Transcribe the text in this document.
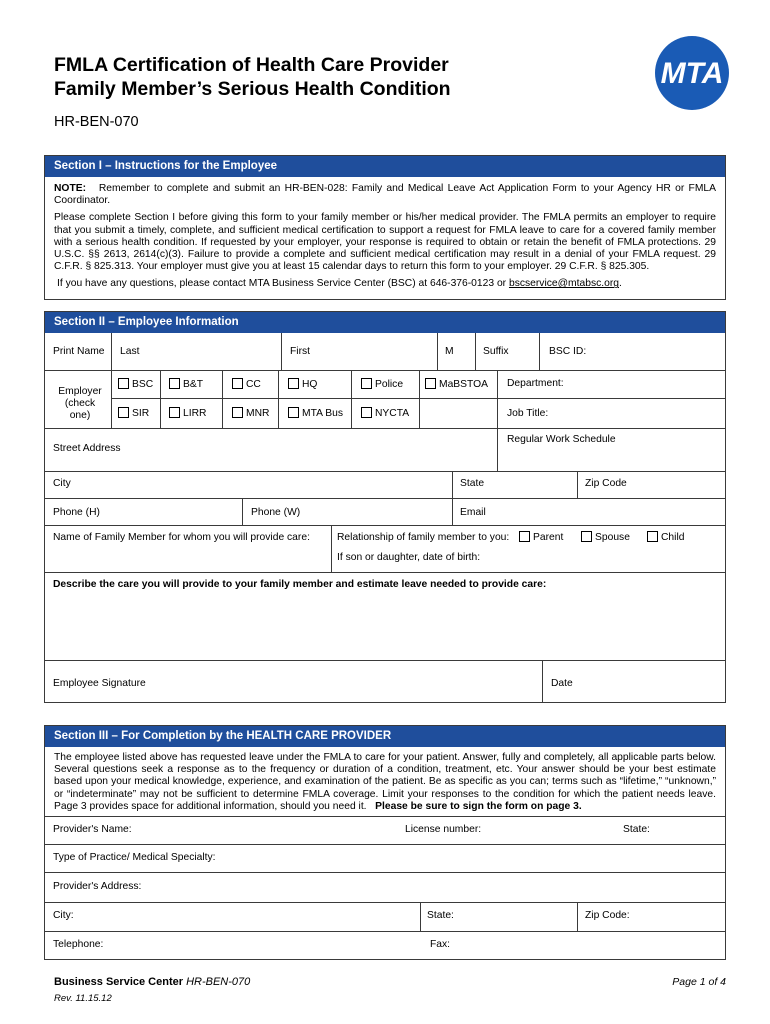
FMLA Certification of Health Care Provider
Family Member’s Serious Health Condition
HR-BEN-070
MTA
Section I – Instructions for the Employee

NOTE: Remember to complete and submit an HR-BEN-028: Family and Medical Leave Act Application Form to your Agency HR or FMLA Coordinator.

Please complete Section I before giving this form to your family member or his/her medical provider. The FMLA permits an employer to require that you submit a timely, complete, and sufficient medical certification to support a request for FMLA leave to care for a covered family member with a serious health condition. If requested by your employer, your response is required to obtain or retain the benefit of FMLA protections. 29 U.S.C. §§ 2613, 2614(c)(3). Failure to provide a complete and sufficient medical certification may result in a denial of your FMLA request. 29 C.F.R. § 825.313. Your employer must give you at least 15 calendar days to return this form to your employer. 29 C.F.R. § 825.305.

If you have any questions, please contact MTA Business Service Center (BSC) at 646-376-0123 or bscservice@mtabsc.org.

Section II – Employee Information
Print Name Last	First	M	Suffix	BSC ID:
Employer
(check one)
BSC	B&T	CC	HQ	Police	MaBSTOA Department:
SIR	LIRR	MNR	MTA Bus	NYCTA	Job Title:
Street Address
Regular Work Schedule
City	State	Zip Code
Phone (H)	Phone (W)	Email
Name of Family Member for whom you will provide care:	Relationship of family member to you:	Parent	Spouse	Child
If son or daughter, date of birth:
Describe the care you will provide to your family member and estimate leave needed to provide care:
Employee Signature	Date
Section III – For Completion by the HEALTH CARE PROVIDER

The employee listed above has requested leave under the FMLA to care for your patient. Answer, fully and completely, all applicable parts below. Several questions seek a response as to the frequency or duration of a condition, treatment, etc. Your answer should be your best estimate based upon your medical knowledge, experience, and examination of the patient. Be as specific as you can; terms such as “lifetime,” “unknown,” or “indeterminate” may not be sufficient to determine FMLA coverage. Limit your responses to the condition for which the patient needs leave. Page 3 provides space for additional information, should you need it. Please be sure to sign the form on page 3.

Provider's Name:	License number:	State:
Type of Practice/ Medical Specialty:
Provider's Address:
City:	State:	Zip Code:
Telephone:	Fax:
Business Service Center HR-BEN-070
Rev. 11.15.12
Page 1 of 4
